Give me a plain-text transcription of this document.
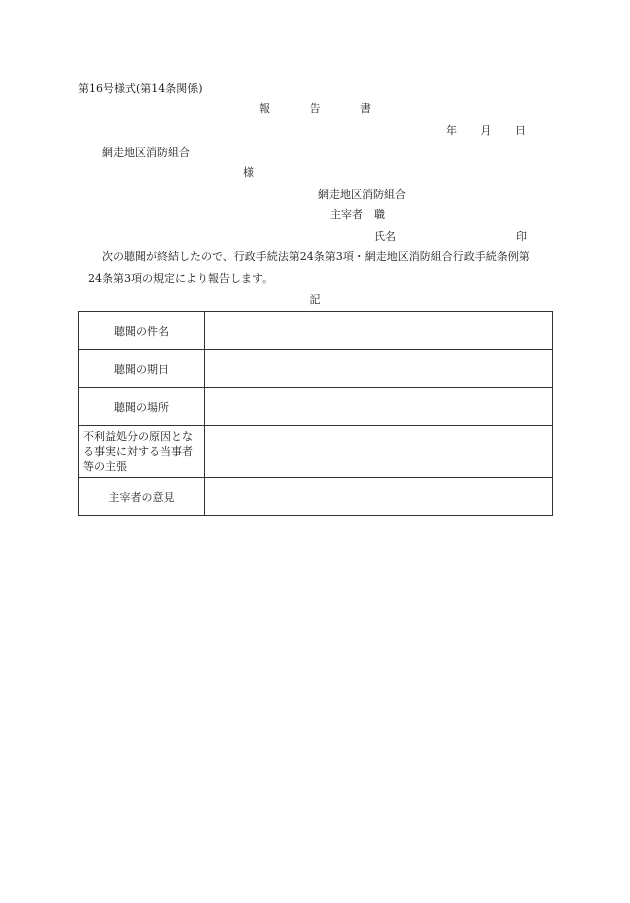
第16号様式(第14条関係)
報	告	書
年 月 日
網走地区消防組合
様
網走地区消防組合
主宰者　職
氏名	印
次の聴聞が終結したので、行政手続法第24条第3項・網走地区消防組合行政手続条例第
24条第3項の規定により報告します。
記
聴聞の件名	
聴聞の期日	
聴聞の場所	
不利益処分の原因となる事実に対する当事者等の主張	
主宰者の意見	
